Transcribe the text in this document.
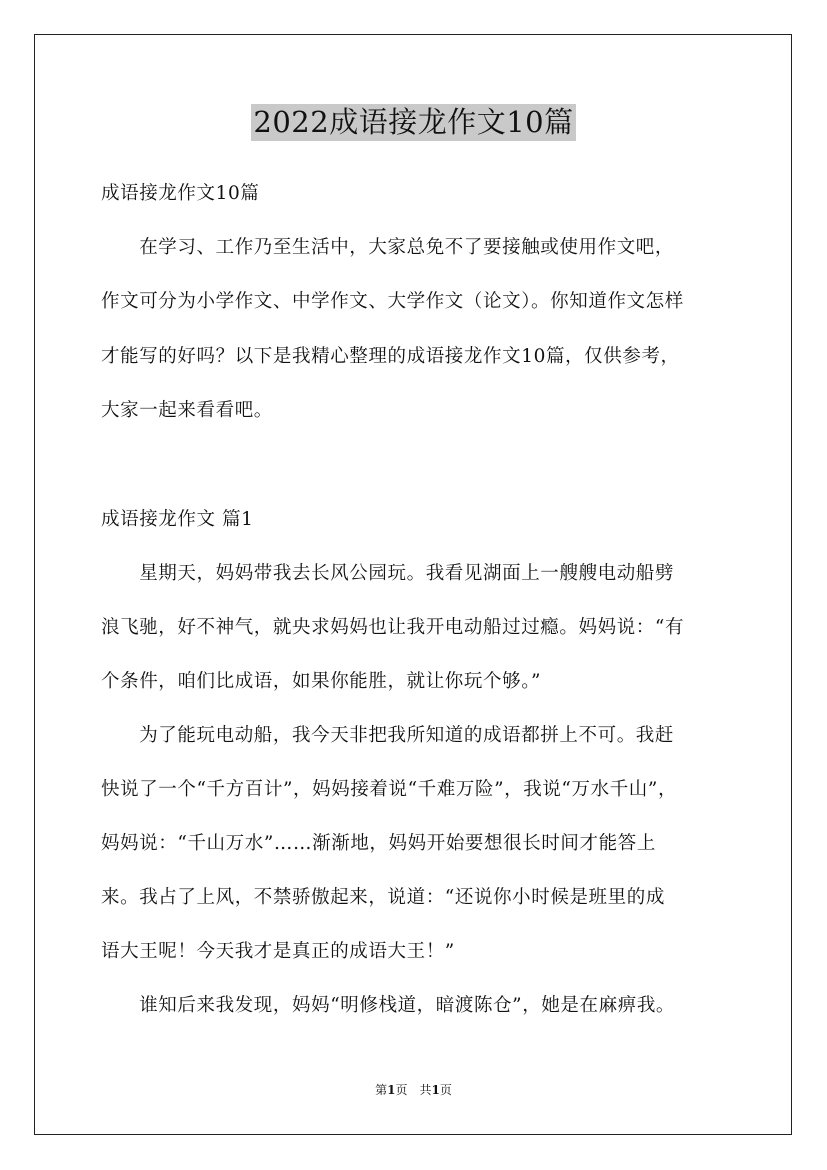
2022成语接龙作文10篇
成语接龙作文10篇
　　在学习、工作乃至生活中，大家总免不了要接触或使用作文吧，
作文可分为小学作文、中学作文、大学作文（论文）。你知道作文怎样
才能写的好吗？以下是我精心整理的成语接龙作文10篇，仅供参考，
大家一起来看看吧。
成语接龙作文 篇1
　　星期天，妈妈带我去长风公园玩。我看见湖面上一艘艘电动船劈
浪飞驰，好不神气，就央求妈妈也让我开电动船过过瘾。妈妈说：“有
个条件，咱们比成语，如果你能胜，就让你玩个够。”
　　为了能玩电动船，我今天非把我所知道的成语都拼上不可。我赶
快说了一个“千方百计”，妈妈接着说“千难万险”，我说“万水千山”，
妈妈说：“千山万水”……渐渐地，妈妈开始要想很长时间才能答上
来。我占了上风，不禁骄傲起来，说道：“还说你小时候是班里的成
语大王呢！今天我才是真正的成语大王！”
　　谁知后来我发现，妈妈“明修栈道，暗渡陈仓”，她是在麻痹我。
第1页　共1页
